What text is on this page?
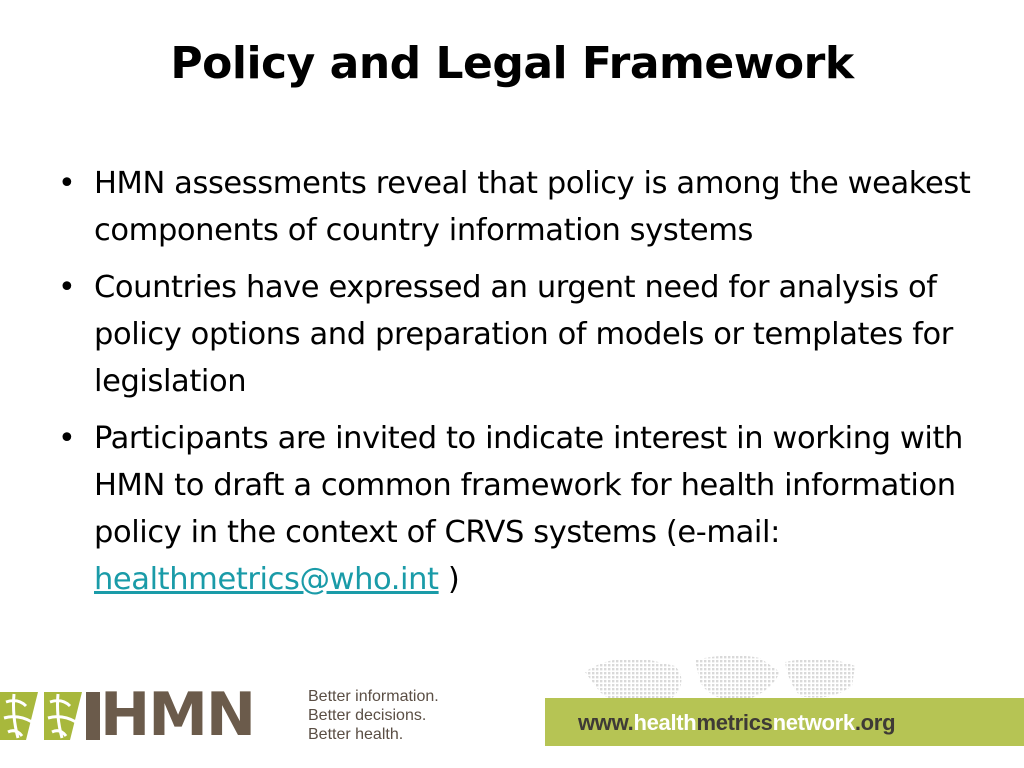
Policy and Legal Framework
• HMN assessments reveal that policy is among the weakest components of country information systems
• Countries have expressed an urgent need for analysis of policy options and preparation of models or templates for legislation
• Participants are invited to indicate interest in working with HMN to draft a common framework for health information policy in the context of CRVS systems (e-mail: healthmetrics@who.int )
HMN	Better information.
Better decisions.
Better health.	www.healthmetricsnetwork.org
